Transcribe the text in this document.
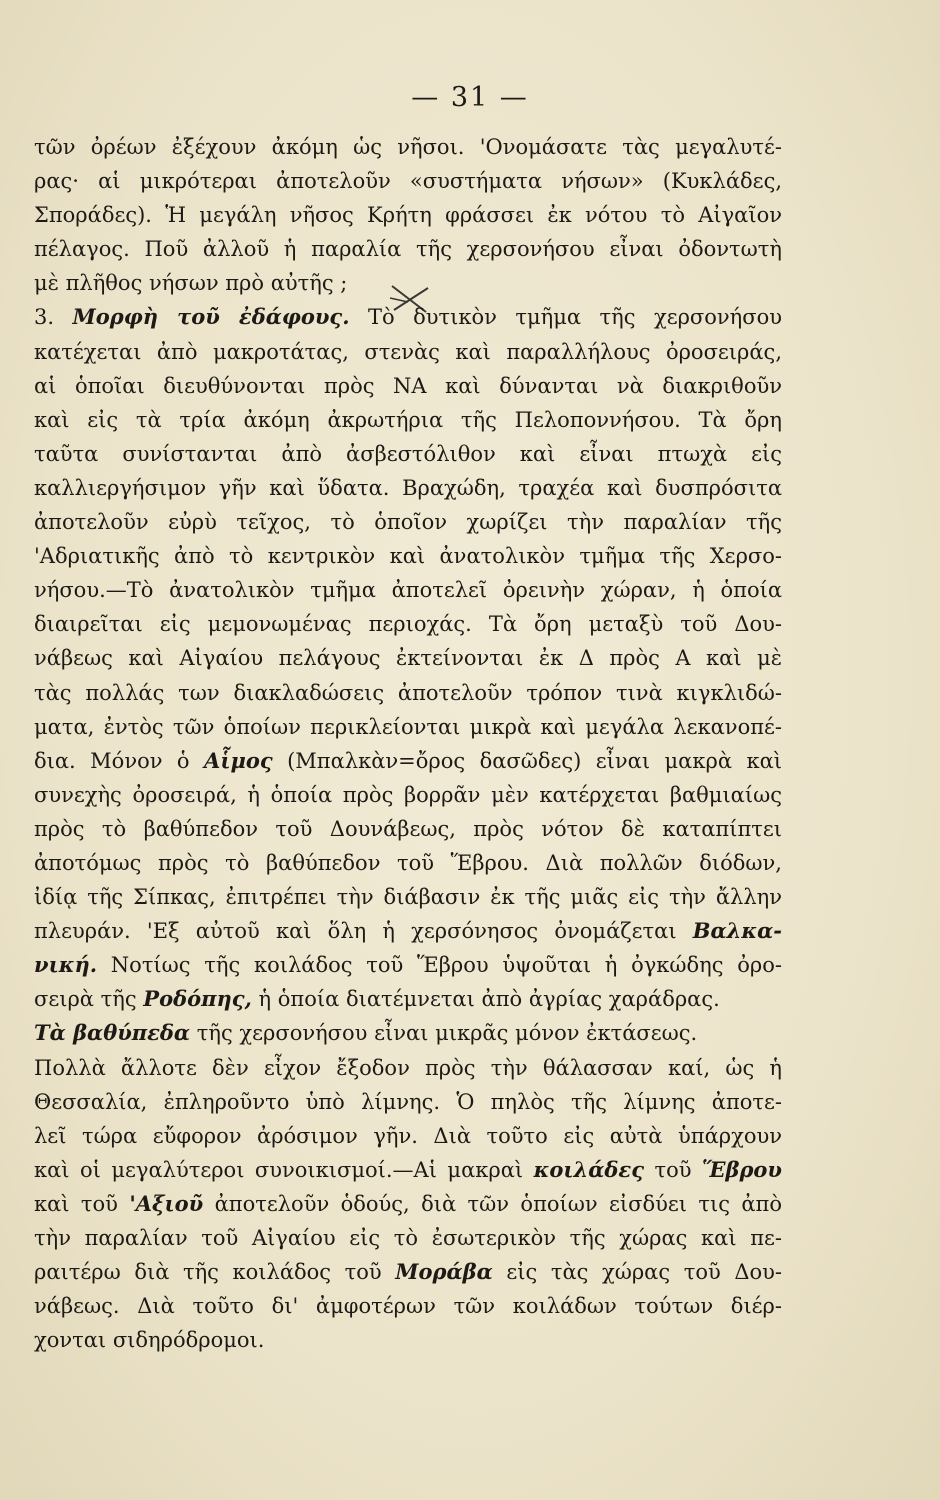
— 31 —
τῶν ὀρέων ἐξέχουν ἀκόμη ὡς νῆσοι. 'Ονομάσατε τὰς μεγαλυτέ-
ρας· αἱ μικρότεραι ἀποτελοῦν «συστήματα νήσων» (Κυκλάδες,
Σποράδες). Ἡ μεγάλη νῆσος Κρήτη φράσσει ἐκ νότου τὸ Αἰγαῖον
πέλαγος. Ποῦ ἀλλοῦ ἡ παραλία τῆς χερσονήσου εἶναι ὀδοντωτὴ
μὲ πλῆθος νήσων πρὸ αὐτῆς ;
3. Μορφὴ τοῦ ἐδάφους. Τὸ δυτικὸν τμῆμα τῆς χερσονήσου
κατέχεται ἀπὸ μακροτάτας, στενὰς καὶ παραλλήλους ὀροσειράς,
αἱ ὁποῖαι διευθύνονται πρὸς ΝΑ καὶ δύνανται νὰ διακριθοῦν
καὶ εἰς τὰ τρία ἀκόμη ἀκρωτήρια τῆς Πελοποννήσου. Τὰ ὄρη
ταῦτα συνίστανται ἀπὸ ἀσβεστόλιθον καὶ εἶναι πτωχὰ εἰς
καλλιεργήσιμον γῆν καὶ ὕδατα. Βραχώδη, τραχέα καὶ δυσπρόσιτα
ἀποτελοῦν εὐρὺ τεῖχος, τὸ ὁποῖον χωρίζει τὴν παραλίαν τῆς
'Αδριατικῆς ἀπὸ τὸ κεντρικὸν καὶ ἀνατολικὸν τμῆμα τῆς Χερσο-
νήσου.—Τὸ ἀνατολικὸν τμῆμα ἀποτελεῖ ὀρεινὴν χώραν, ἡ ὁποία
διαιρεῖται εἰς μεμονωμένας περιοχάς. Τὰ ὄρη μεταξὺ τοῦ Δου-
νάβεως καὶ Αἰγαίου πελάγους ἐκτείνονται ἐκ Δ πρὸς Α καὶ μὲ
τὰς πολλάς των διακλαδώσεις ἀποτελοῦν τρόπον τινὰ κιγκλιδώ-
ματα, ἐντὸς τῶν ὁποίων περικλείονται μικρὰ καὶ μεγάλα λεκανοπέ-
δια. Μόνον ὁ Αἷμος (Μπαλκὰν=ὄρος δασῶδες) εἶναι μακρὰ καὶ
συνεχὴς ὀροσειρά, ἡ ὁποία πρὸς βορρᾶν μὲν κατέρχεται βαθμιαίως
πρὸς τὸ βαθύπεδον τοῦ Δουνάβεως, πρὸς νότον δὲ καταπίπτει
ἀποτόμως πρὸς τὸ βαθύπεδον τοῦ Ἕβρου. Διὰ πολλῶν διόδων,
ἰδίᾳ τῆς Σίπκας, ἐπιτρέπει τὴν διάβασιν ἐκ τῆς μιᾶς εἰς τὴν ἄλλην
πλευράν. 'Εξ αὐτοῦ καὶ ὅλη ἡ χερσόνησος ὀνομάζεται Βαλκα-
νική. Νοτίως τῆς κοιλάδος τοῦ Ἕβρου ὑψοῦται ἡ ὀγκώδης ὀρο-
σειρὰ τῆς Ροδόπης, ἡ ὁποία διατέμνεται ἀπὸ ἀγρίας χαράδρας.
Τὰ βαθύπεδα τῆς χερσονήσου εἶναι μικρᾶς μόνον ἐκτάσεως.
Πολλὰ ἄλλοτε δὲν εἶχον ἔξοδον πρὸς τὴν θάλασσαν καί, ὡς ἡ
Θεσσαλία, ἐπληροῦντο ὑπὸ λίμνης. Ὁ πηλὸς τῆς λίμνης ἀποτε-
λεῖ τώρα εὔφορον ἀρόσιμον γῆν. Διὰ τοῦτο εἰς αὐτὰ ὑπάρχουν
καὶ οἱ μεγαλύτεροι συνοικισμοί.—Αἱ μακραὶ κοιλάδες τοῦ Ἕβρου
καὶ τοῦ 'Αξιοῦ ἀποτελοῦν ὁδούς, διὰ τῶν ὁποίων εἰσδύει τις ἀπὸ
τὴν παραλίαν τοῦ Αἰγαίου εἰς τὸ ἐσωτερικὸν τῆς χώρας καὶ πε-
ραιτέρω διὰ τῆς κοιλάδος τοῦ Μοράβα εἰς τὰς χώρας τοῦ Δου-
νάβεως. Διὰ τοῦτο δι' ἀμφοτέρων τῶν κοιλάδων τούτων διέρ-
χονται σιδηρόδρομοι.
